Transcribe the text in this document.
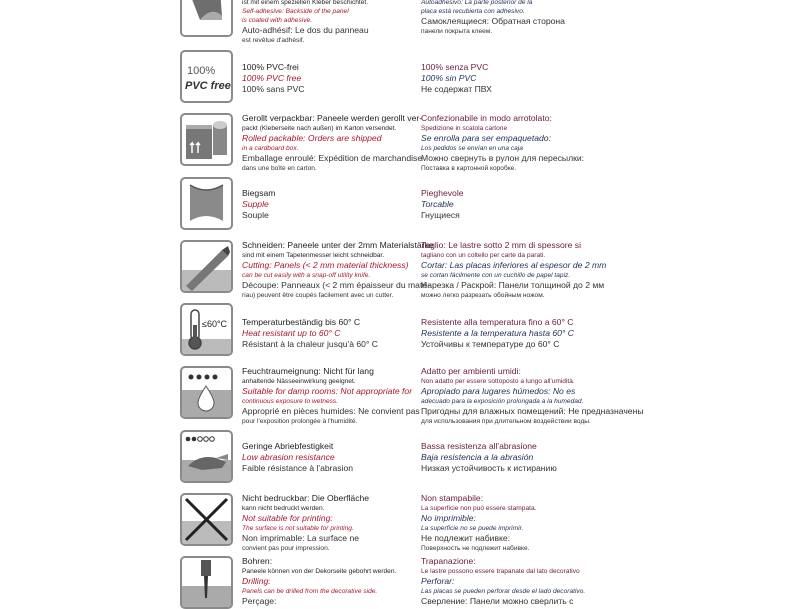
ist mit einem speziellen Kleber beschichtet.
Self-adhesive: Backside of the panel
is coated with adhesive.
Auto-adhésif: Le dos du panneau
est revêtue d'adhésif.
Autoadhesivo: La parte posterior de la
placa está recubierta con adhesivo.
Самоклеящиеся: Обратная сторона
панели покрыта клеем.
100%
PVC free
100% PVC-frei
100% PVC free
100% sans PVC
100% senza PVC
100% sin PVC
Не содержат ПВХ
Gerollt verpackbar: Paneele werden gerollt ver-
packt (Kleberseite nach außen) im Karton versendet.
Rolled packable: Orders are shipped
in a cardboard box.
Emballage enroulé: Expédition de marchandise
dans une boîte en carton.
Confezionabile in modo arrotolato:
Spedizione in scatola cartone
Se enrolla para ser empaquetado:
Los pedidos se envían en una caja
Можно свернуть в рулон для пересылки:
Поставка в картонной коробке.
Biegsam
Supple
Souple
Pieghevole
Torcable
Гнущиеся
Schneiden: Paneele unter der 2mm Materialstärke
sind mit einem Tapetenmesser leicht schneidbar.
Cutting: Panels (< 2 mm material thickness)
can be cut easily with a snap-off utility knife.
Découpe: Panneaux (< 2 mm épaisseur du maté-
riau) peuvent être coupés facilement avec un cutter.
Taglio: Le lastre sotto 2 mm di spessore si
tagliano con un coltello per carte da parati.
Cortar: Las placas inferiores al espesor de 2 mm
se cortan fácilmente con un cuchillo de papel tapiz.
Нарезка / Раскрой: Панели толщиной до 2 мм
можно легко разрезать обойным ножом.
≤60°C Temperaturbeständig bis 60° C
Heat resistant up to 60° C
Résistant à la chaleur jusqu'à 60° C
Resistente alla temperatura fino a 60° C
Resistente a la temperatura hasta 60° C
Устойчивы к температуре до 60° C
Feuchtraumeignung: Nicht für lang
anhaltende Nässeeinwirkung geeignet.
Suitable for damp rooms: Not appropriate for
continuous exposure to wetness.
Approprié en pièces humides: Ne convient pas
pour l'exposition prolongée à l'humidité.
Adatto per ambienti umidi:
Non adatto per essere sottoposto a lungo all'umidità.
Apropiado para lugares húmedos: No es
adecuado para la exposición prolongada a la humedad.
Пригодны для влажных помещений: Не предназначены
для использования при длительном воздействии воды.
Geringe Abriebfestigkeit
Low abrasion resistance
Faible résistance à l'abrasion
Bassa resistenza all'abrasione
Baja resistencia a la abrasión
Низкая устойчивость к истиранию
Nicht bedruckbar: Die Oberfläche
kann nicht bedruckt werden.
Not suitable for printing:
The surface is not suitable for printing.
Non imprimable: La surface ne
convient pas pour impression.
Non stampabile:
La superficie non può essere stampata.
No imprimible:
La superficie no se puede imprimir.
Не подлежит набивке:
Поверхность не подлежит набивке.
Bohren:
Paneele können von der Dekorseite gebohrt werden.
Drilling:
Panels can be drilled from the decorative side.
Perçage:
Trapanazione:
Le lastre possono essere trapanate dal lato decorativo
Perforar:
Las placas se pueden perforar desde el lado decorativo.
Сверление: Панели можно сверлить с
